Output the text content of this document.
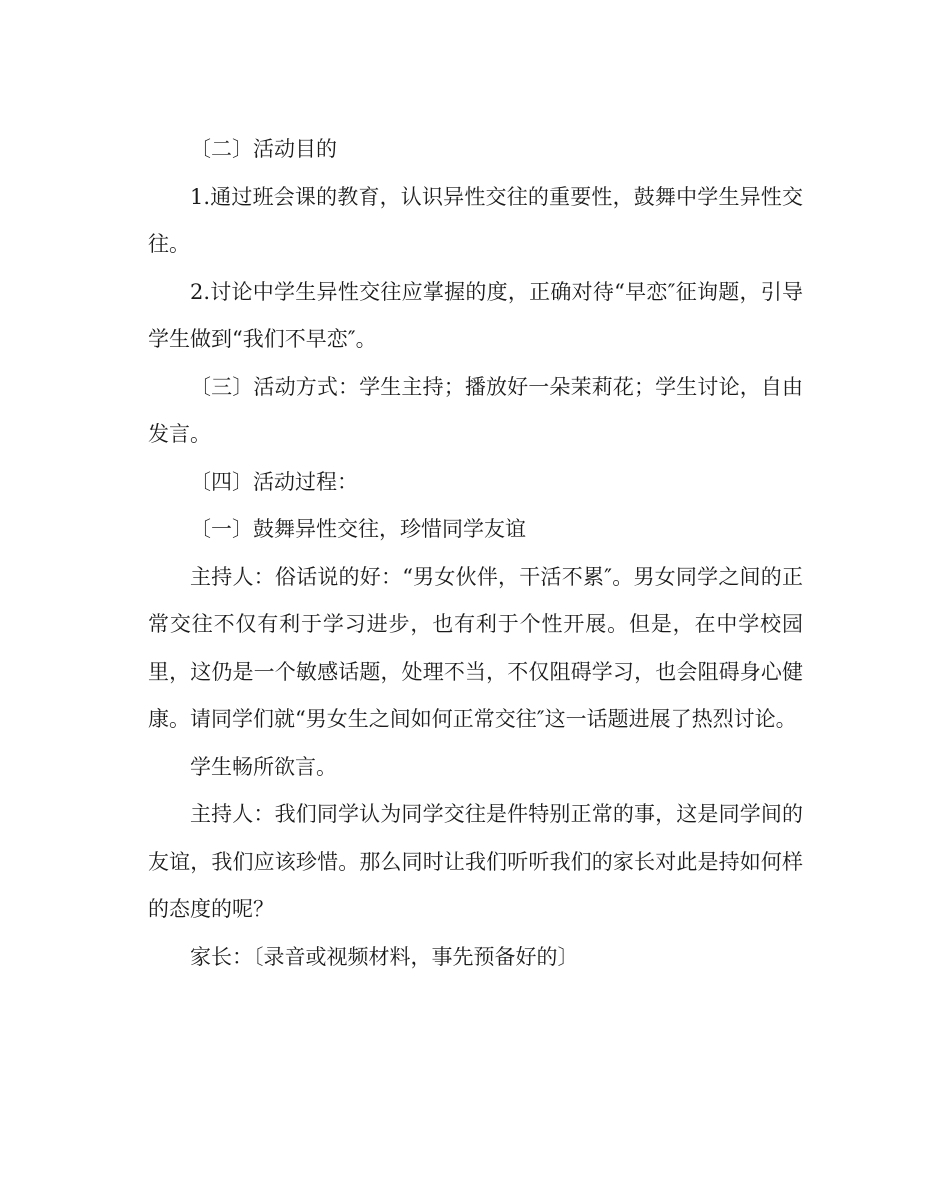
〔二〕活动目的

1.通过班会课的教育，认识异性交往的重要性，鼓舞中学生异性交往。

2.讨论中学生异性交往应掌握的度，正确对待“早恋″征询题，引导学生做到“我们不早恋″。

〔三〕活动方式：学生主持；播放好一朵茉莉花；学生讨论，自由发言。

〔四〕活动过程：

〔一〕鼓舞异性交往，珍惜同学友谊

主持人：俗话说的好：“男女伙伴，干活不累″。男女同学之间的正常交往不仅有利于学习进步，也有利于个性开展。但是，在中学校园里，这仍是一个敏感话题，处理不当，不仅阻碍学习，也会阻碍身心健康。请同学们就“男女生之间如何正常交往″这一话题进展了热烈讨论。

学生畅所欲言。

主持人：我们同学认为同学交往是件特别正常的事，这是同学间的友谊，我们应该珍惜。那么同时让我们听听我们的家长对此是持如何样的态度的呢？

家长：〔录音或视频材料，事先预备好的〕
